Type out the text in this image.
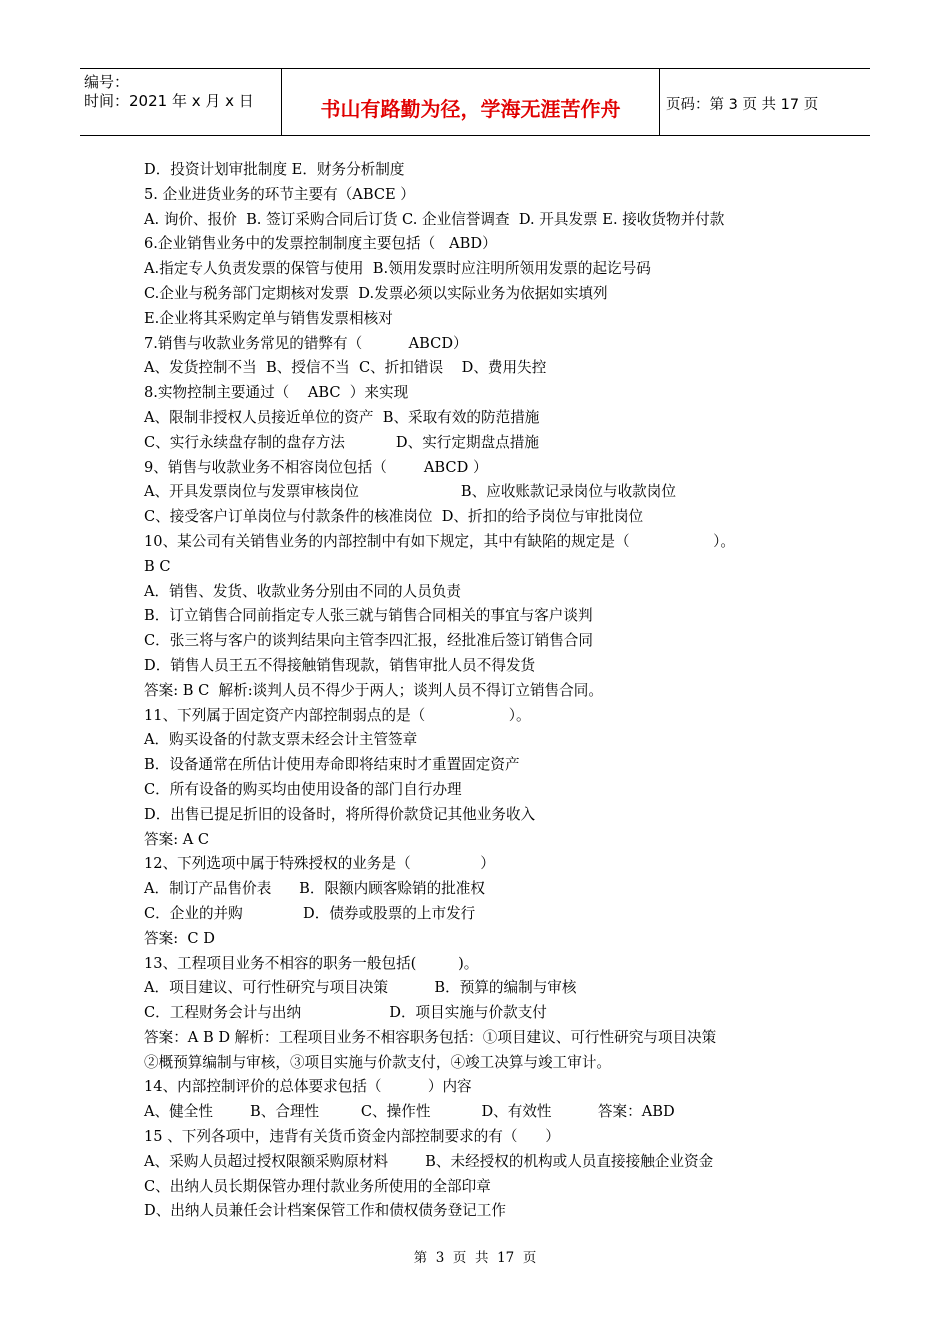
编号：
时间：2021 年 x 月 x 日	书山有路勤为径，学海无涯苦作舟	页码：第 3 页 共 17 页
D．投资计划审批制度 E．财务分析制度
5. 企业进货业务的环节主要有（ABCE ）
A. 询价、报价  B. 签订采购合同后订货 C. 企业信誉调查  D. 开具发票 E. 接收货物并付款
6.企业销售业务中的发票控制制度主要包括（   ABD）
A.指定专人负责发票的保管与使用  B.领用发票时应注明所领用发票的起讫号码
C.企业与税务部门定期核对发票  D.发票必须以实际业务为依据如实填列
E.企业将其采购定单与销售发票相核对
7.销售与收款业务常见的错弊有（          ABCD）
A、发货控制不当  B、授信不当  C、折扣错误    D、费用失控
8.实物控制主要通过（    ABC  ）来实现
A、限制非授权人员接近单位的资产  B、采取有效的防范措施
C、实行永续盘存制的盘存方法           D、实行定期盘点措施
9、销售与收款业务不相容岗位包括（        ABCD ）
A、开具发票岗位与发票审核岗位                      B、应收账款记录岗位与收款岗位
C、接受客户订单岗位与付款条件的核准岗位  D、折扣的给予岗位与审批岗位
10、某公司有关销售业务的内部控制中有如下规定，其中有缺陷的规定是（                  ）。
B C
A．销售、发货、收款业务分别由不同的人员负责
B．订立销售合同前指定专人张三就与销售合同相关的事宜与客户谈判
C．张三将与客户的谈判结果向主管李四汇报，经批准后签订销售合同
D．销售人员王五不得接触销售现款，销售审批人员不得发货
答案: B C  解析:谈判人员不得少于两人；谈判人员不得订立销售合同。
11、下列属于固定资产内部控制弱点的是（                  ）。
A．购买设备的付款支票未经会计主管签章
B．设备通常在所估计使用寿命即将结束时才重置固定资产
C．所有设备的购买均由使用设备的部门自行办理
D．出售已提足折旧的设备时，将所得价款贷记其他业务收入
答案: A C
12、下列选项中属于特殊授权的业务是（               ）
A．制订产品售价表      B．限额内顾客赊销的批准权
C．企业的并购             D．债券或股票的上市发行
答案:  C D
13、工程项目业务不相容的职务一般包括(         )。
A．项目建议、可行性研究与项目决策          B．预算的编制与审核
C．工程财务会计与出纳                   D．项目实施与价款支付
答案：A B D 解析：工程项目业务不相容职务包括：①项目建议、可行性研究与项目决策
②概预算编制与审核，③项目实施与价款支付，④竣工决算与竣工审计。
14、内部控制评价的总体要求包括（          ）内容
A、健全性        B、合理性         C、操作性           D、有效性          答案：ABD
15 、下列各项中，违背有关货币资金内部控制要求的有（      ）
A、采购人员超过授权限额采购原材料        B、未经授权的机构或人员直接接触企业资金
C、出纳人员长期保管办理付款业务所使用的全部印章
D、出纳人员兼任会计档案保管工作和债权债务登记工作
第  3  页  共  17  页
